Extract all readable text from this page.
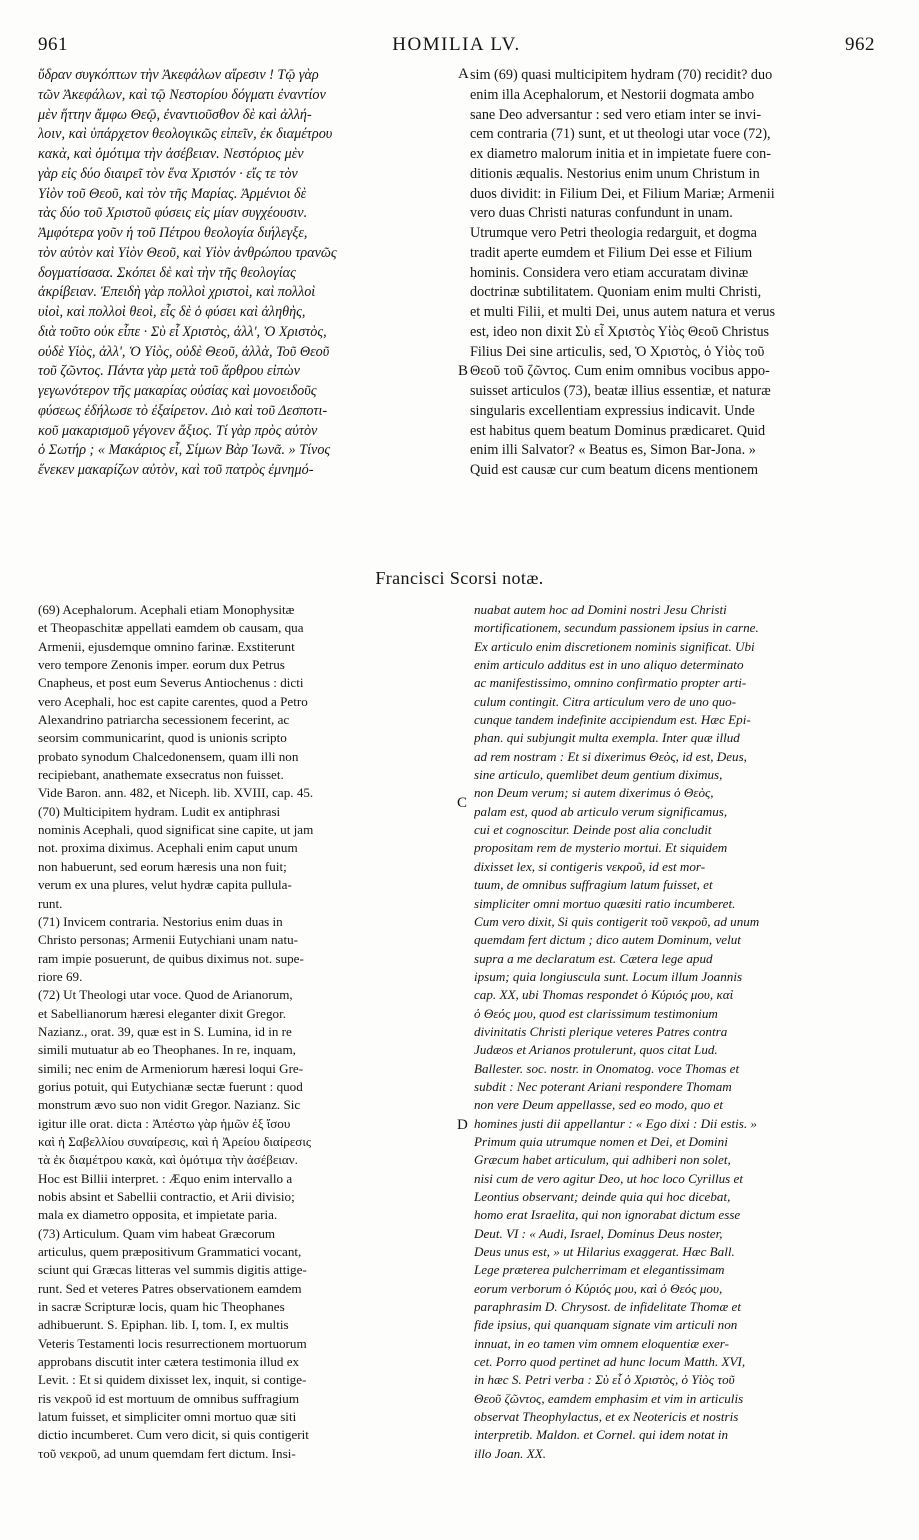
961	HOMILIA LV.	962
ὕδραν συγκόπτων τὴν Ἀκεφάλων αἵρεσιν ! Τῷ γὰρ
τῶν Ἀκεφάλων, καὶ τῷ Νεστορίου δόγματι ἐναντίον
μὲν ἥττην ἄμφω Θεῷ, ἐναντιοῦσθον δὲ καὶ ἀλλή-
λοιν, καὶ ὑπάρχετον θεολογικῶς εἰπεῖν, ἐκ διαμέτρου
κακὰ, καὶ ὁμότιμα τὴν ἀσέβειαν. Νεστόριος μὲν
γὰρ εἰς δύο διαιρεῖ τὸν ἕνα Χριστόν · εἴς τε τὸν
Υἱὸν τοῦ Θεοῦ, καὶ τὸν τῆς Μαρίας. Ἀρμένιοι δὲ
τὰς δύο τοῦ Χριστοῦ φύσεις εἰς μίαν συγχέουσιν.
Ἀμφότερα γοῦν ἡ τοῦ Πέτρου θεολογία διήλεγξε,
τὸν αὐτὸν καὶ Υἱὸν Θεοῦ, καὶ Υἱὸν ἀνθρώπου τρανῶς
δογματίσασα. Σκόπει δὲ καὶ τὴν τῆς θεολογίας
ἀκρίβειαν. Ἐπειδὴ γὰρ πολλοὶ χριστοὶ, καὶ πολλοὶ
υἱοὶ, καὶ πολλοὶ θεοὶ, εἷς δὲ ὁ φύσει καὶ ἀληθὴς,
διὰ τοῦτο οὐκ εἶπε · Σὺ εἶ Χριστὸς, ἀλλ', Ὁ Χριστὸς,
οὐδὲ Υἱὸς, ἀλλ', Ὁ Υἱὸς, οὐδὲ Θεοῦ, ἀλλὰ, Τοῦ Θεοῦ
τοῦ ζῶντος. Πάντα γὰρ μετὰ τοῦ ἄρθρου εἰπὼν
γεγωνότερον τῆς μακαρίας οὐσίας καὶ μονοειδοῦς
φύσεως ἐδήλωσε τὸ ἐξαίρετον. Διὸ καὶ τοῦ Δεσποτι-
κοῦ μακαρισμοῦ γέγονεν ἄξιος. Τί γὰρ πρὸς αὐτὸν
ὁ Σωτήρ ; « Μακάριος εἶ, Σίμων Βὰρ Ἰωνᾶ. » Τίνος
ἕνεκεν μακαρίζων αὐτὸν, καὶ τοῦ πατρὸς ἐμνημό-
sim (69) quasi multicipitem hydram (70) recidit? duo
enim illa Acephalorum, et Nestorii dogmata ambo
sane Deo adversantur : sed vero etiam inter se invi-
cem contraria (71) sunt, et ut theologi utar voce (72),
ex diametro malorum initia et in impietate fuere con-
ditionis æqualis. Nestorius enim unum Christum in
duos dividit: in Filium Dei, et Filium Mariæ; Armenii
vero duas Christi naturas confundunt in unam.
Utrumque vero Petri theologia redarguit, et dogma
tradit aperte eumdem et Filium Dei esse et Filium
hominis. Considera vero etiam accuratam divinæ
doctrinæ subtilitatem. Quoniam enim multi Christi,
et multi Filii, et multi Dei, unus autem natura et verus
est, ideo non dixit Σὺ εἶ Χριστὸς Υἱὸς Θεοῦ Christus
Filius Dei sine articulis, sed, Ὁ Χριστὸς, ὁ Υἱὸς τοῦ
Θεοῦ τοῦ ζῶντος. Cum enim omnibus vocibus appo-
suisset articulos (73), beatæ illius essentiæ, et naturæ
singularis excellentiam expressius indicavit. Unde
est habitus quem beatum Dominus prædicaret. Quid
enim illi Salvator? « Beatus es, Simon Bar-Jona. »
Quid est causæ cur cum beatum dicens mentionem
A
B
C
D
Francisci Scorsi notæ.
(69) Acephalorum. Acephali etiam Monophysitæ
et Theopaschitæ appellati eamdem ob causam, qua
Armenii, ejusdemque omnino farinæ. Exstiterunt
vero tempore Zenonis imper. eorum dux Petrus
Cnapheus, et post eum Severus Antiochenus : dicti
vero Acephali, hoc est capite carentes, quod a Petro
Alexandrino patriarcha secessionem fecerint, ac
seorsim communicarint, quod is unionis scripto
probato synodum Chalcedonensem, quam illi non
recipiebant, anathemate exsecratus non fuisset.
Vide Baron. ann. 482, et Niceph. lib. XVIII, cap. 45.
(70) Multicipitem hydram. Ludit ex antiphrasi
nominis Acephali, quod significat sine capite, ut jam
not. proxima diximus. Acephali enim caput unum
non habuerunt, sed eorum hæresis una non fuit;
verum ex una plures, velut hydræ capita pullula-
runt.
(71) Invicem contraria. Nestorius enim duas in
Christo personas; Armenii Eutychiani unam natu-
ram impie posuerunt, de quibus diximus not. supe-
riore 69.
(72) Ut Theologi utar voce. Quod de Arianorum,
et Sabellianorum hæresi eleganter dixit Gregor.
Nazianz., orat. 39, quæ est in S. Lumina, id in re
simili mutuatur ab eo Theophanes. In re, inquam,
simili; nec enim de Armeniorum hæresi loqui Gre-
gorius potuit, qui Eutychianæ sectæ fuerunt : quod
monstrum ævo suo non vidit Gregor. Nazianz. Sic
igitur ille orat. dicta : Ἀπέστω γὰρ ἡμῶν ἐξ ἴσου
καὶ ἡ Σαβελλίου συναίρεσις, καὶ ἡ Ἀρείου διαίρεσις
τὰ ἐκ διαμέτρου κακὰ, καὶ ὁμότιμα τὴν ἀσέβειαν.
Hoc est Billii interpret. : Æquo enim intervallo a
nobis absint et Sabellii contractio, et Arii divisio;
mala ex diametro opposita, et impietate paria.
(73) Articulum. Quam vim habeat Græcorum
articulus, quem præpositivum Grammatici vocant,
sciunt qui Græcas litteras vel summis digitis attige-
runt. Sed et veteres Patres observationem eamdem
in sacræ Scripturæ locis, quam hic Theophanes
adhibuerunt. S. Epiphan. lib. I, tom. I, ex multis
Veteris Testamenti locis resurrectionem mortuorum
approbans discutit inter cætera testimonia illud ex
Levit. : Et si quidem dixisset lex, inquit, si contige-
ris νεκροῦ id est mortuum de omnibus suffragium
latum fuisset, et simpliciter omni mortuo quæ siti
dictio incumberet. Cum vero dicit, si quis contigerit
τοῦ νεκροῦ, ad unum quemdam fert dictum. Insi-
nuabat autem hoc ad Domini nostri Jesu Christi
mortificationem, secundum passionem ipsius in carne.
Ex articulo enim discretionem nominis significat. Ubi
enim articulo additus est in uno aliquo determinato
ac manifestissimo, omnino confirmatio propter arti-
culum contingit. Citra articulum vero de uno quo-
cunque tandem indefinite accipiendum est. Hæc Epi-
phan. qui subjungit multa exempla. Inter quæ illud
ad rem nostram : Et si dixerimus Θεὸς, id est, Deus,
sine articulo, quemlibet deum gentium diximus,
non Deum verum; si autem dixerimus ὁ Θεὸς,
palam est, quod ab articulo verum significamus,
cui et cognoscitur. Deinde post alia concludit
propositam rem de mysterio mortui. Et siquidem
dixisset lex, si contigeris νεκροῦ, id est mor-
tuum, de omnibus suffragium latum fuisset, et
simpliciter omni mortuo quæsiti ratio incumberet.
Cum vero dixit, Si quis contigerit τοῦ νεκροῦ, ad unum
quemdam fert dictum ; dico autem Dominum, velut
supra a me declaratum est. Cætera lege apud
ipsum; quia longiuscula sunt. Locum illum Joannis
cap. XX, ubi Thomas respondet ὁ Κύριός μου, καὶ
ὁ Θεός μου, quod est clarissimum testimonium
divinitatis Christi plerique veteres Patres contra
Judæos et Arianos protulerunt, quos citat Lud.
Ballester. soc. nostr. in Onomatog. voce Thomas et
subdit : Nec poterant Ariani respondere Thomam
non vere Deum appellasse, sed eo modo, quo et
homines justi dii appellantur : « Ego dixi : Dii estis. »
Primum quia utrumque nomen et Dei, et Domini
Græcum habet articulum, qui adhiberi non solet,
nisi cum de vero agitur Deo, ut hoc loco Cyrillus et
Leontius observant; deinde quia qui hoc dicebat,
homo erat Israelita, qui non ignorabat dictum esse
Deut. VI : « Audi, Israel, Dominus Deus noster,
Deus unus est, » ut Hilarius exaggerat. Hæc Ball.
Lege præterea pulcherrimam et elegantissimam
eorum verborum ὁ Κύριός μου, καὶ ὁ Θεός μου,
paraphrasim D. Chrysost. de infidelitate Thomæ et
fide ipsius, qui quanquam signate vim articuli non
innuat, in eo tamen vim omnem eloquentiæ exer-
cet. Porro quod pertinet ad hunc locum Matth. XVI,
in hæc S. Petri verba : Σὺ εἶ ὁ Χριστὸς, ὁ Υἱὸς τοῦ
Θεοῦ ζῶντος, eamdem emphasim et vim in articulis
observat Theophylactus, et ex Neotericis et nostris
interpretib. Maldon. et Cornel. qui idem notat in
illo Joan. XX.
